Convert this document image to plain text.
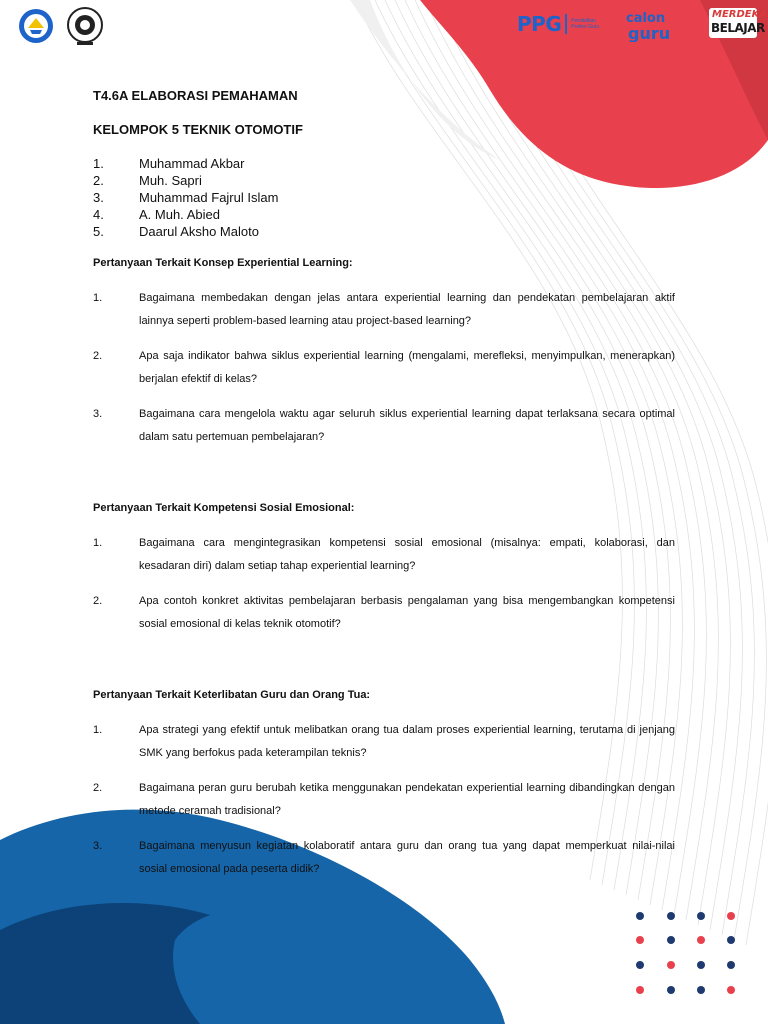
PPG Pendidikan Profesi Guru
calon
guru
MERDEKA
BELAJAR
T4.6A ELABORASI PEMAHAMAN
KELOMPOK 5 TEKNIK OTOMOTIF
1.	Muhammad Akbar
2.	Muh. Sapri
3.	Muhammad Fajrul Islam
4.	A. Muh. Abied
5.	Daarul Aksho Maloto
Pertanyaan Terkait Konsep Experiential Learning:
1.	Bagaimana membedakan dengan jelas antara experiential learning dan pendekatan pembelajaran aktif lainnya seperti problem-based learning atau project-based learning?
2.	Apa saja indikator bahwa siklus experiential learning (mengalami, merefleksi, menyimpulkan, menerapkan) berjalan efektif di kelas?
3.	Bagaimana cara mengelola waktu agar seluruh siklus experiential learning dapat terlaksana secara optimal dalam satu pertemuan pembelajaran?
Pertanyaan Terkait Kompetensi Sosial Emosional:
1.	Bagaimana cara mengintegrasikan kompetensi sosial emosional (misalnya: empati, kolaborasi, dan kesadaran diri) dalam setiap tahap experiential learning?
2.	Apa contoh konkret aktivitas pembelajaran berbasis pengalaman yang bisa mengembangkan kompetensi sosial emosional di kelas teknik otomotif?
Pertanyaan Terkait Keterlibatan Guru dan Orang Tua:
1.	Apa strategi yang efektif untuk melibatkan orang tua dalam proses experiential learning, terutama di jenjang SMK yang berfokus pada keterampilan teknis?
2.	Bagaimana peran guru berubah ketika menggunakan pendekatan experiential learning dibandingkan dengan metode ceramah tradisional?
3.	Bagaimana menyusun kegiatan kolaboratif antara guru dan orang tua yang dapat memperkuat nilai-nilai sosial emosional pada peserta didik?
